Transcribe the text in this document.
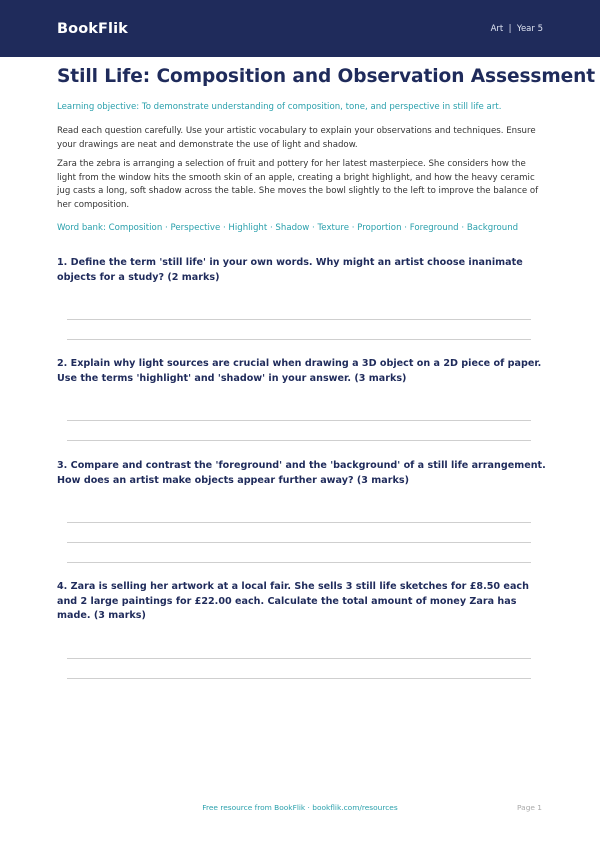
BookFlik	Art  |  Year 5
Still Life: Composition and Observation Assessment

Learning objective: To demonstrate understanding of composition, tone, and perspective in still life art.

Read each question carefully. Use your artistic vocabulary to explain your observations and techniques. Ensure your drawings are neat and demonstrate the use of light and shadow.

Zara the zebra is arranging a selection of fruit and pottery for her latest masterpiece. She considers how the light from the window hits the smooth skin of an apple, creating a bright highlight, and how the heavy ceramic jug casts a long, soft shadow across the table. She moves the bowl slightly to the left to improve the balance of her composition.

Word bank: Composition · Perspective · Highlight · Shadow · Texture · Proportion · Foreground · Background

1. Define the term 'still life' in your own words. Why might an artist choose inanimate objects for a study? (2 marks)
2. Explain why light sources are crucial when drawing a 3D object on a 2D piece of paper. Use the terms 'highlight' and 'shadow' in your answer. (3 marks)
3. Compare and contrast the 'foreground' and the 'background' of a still life arrangement. How does an artist make objects appear further away? (3 marks)
4. Zara is selling her artwork at a local fair. She sells 3 still life sketches for £8.50 each and 2 large paintings for £22.00 each. Calculate the total amount of money Zara has made. (3 marks)
Free resource from BookFlik · bookflik.com/resources	Page 1
